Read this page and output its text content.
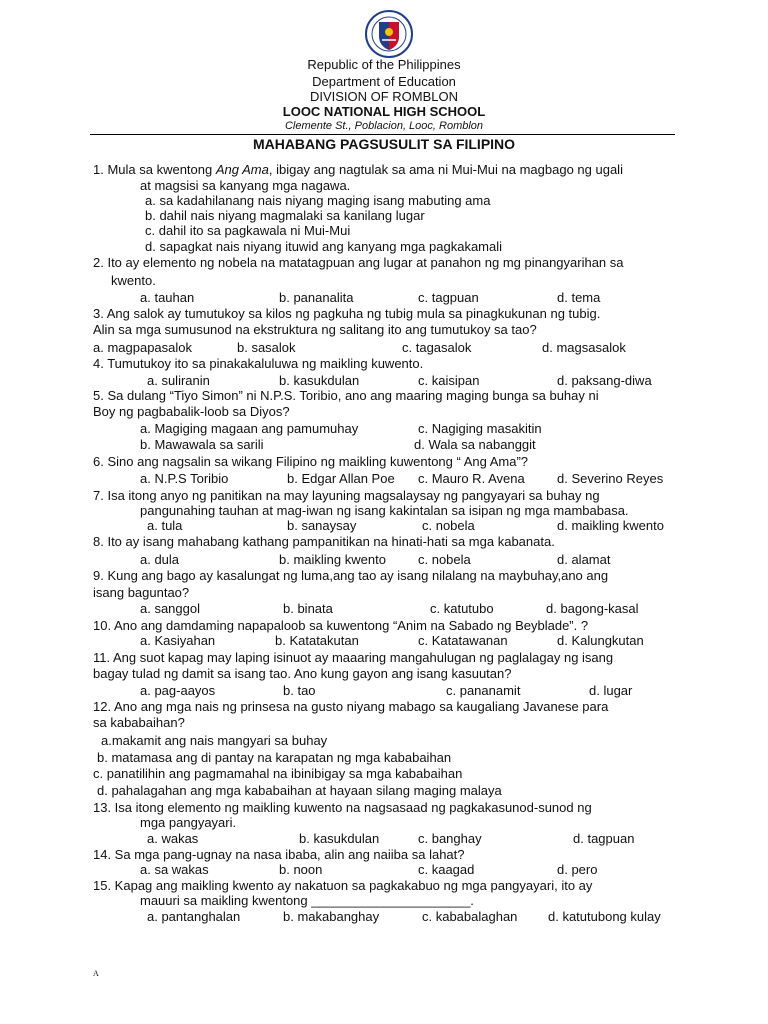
Republic of the Philippines
Department of Education
DIVISION OF ROMBLON
LOOC NATIONAL HIGH SCHOOL
Clemente St., Poblacion, Looc, Romblon
MAHABANG PAGSUSULIT SA FILIPINO
1. Mula sa kwentong Ang Ama, ibigay ang nagtulak sa ama ni Mui-Mui na magbago ng ugali
at magsisi sa kanyang mga nagawa.
a. sa kadahilanang nais niyang maging isang mabuting ama
b. dahil nais niyang magmalaki sa kanilang lugar
c. dahil ito sa pagkawala ni Mui-Mui
d. sapagkat nais niyang ituwid ang kanyang mga pagkakamali
2. Ito ay elemento ng nobela na matatagpuan ang lugar at panahon ng mg pinangyarihan sa
kwento.
a. tauhan	b. pananalita	c. tagpuan	d. tema
3. Ang salok ay tumutukoy sa kilos ng pagkuha ng tubig mula sa pinagkukunan ng tubig.
Alin sa mga sumusunod na ekstruktura ng salitang ito ang tumutukoy sa tao?
a. magpapasalok	b. sasalok	c. tagasalok	d. magsasalok
4. Tumutukoy ito sa pinakakaluluwa ng maikling kuwento.
a. suliranin	b. kasukdulan	c. kaisipan	d. paksang-diwa
5. Sa dulang “Tiyo Simon” ni N.P.S. Toribio, ano ang maaring maging bunga sa buhay ni
Boy ng pagbabalik-loob sa Diyos?
a. Magiging magaan ang pamumuhay	c. Nagiging masakitin
b. Mawawala sa sarili	d. Wala sa nabanggit
6. Sino ang nagsalin sa wikang Filipino ng maikling kuwentong “ Ang Ama”?
a. N.P.S Toribio	b. Edgar Allan Poe c. Mauro R. Avena d. Severino Reyes
7. Isa itong anyo ng panitikan na may layuning magsalaysay ng pangyayari sa buhay ng
pangunahing tauhan at mag-iwan ng isang kakintalan sa isipan ng mga mambabasa.
a. tula	b. sanaysay	c. nobela	d. maikling kwento
8. Ito ay isang mahabang kathang pampanitikan na hinati-hati sa mga kabanata.
a. dula	b. maikling kwento c. nobela	d. alamat
9. Kung ang bago ay kasalungat ng luma,ang tao ay isang nilalang na maybuhay,ano ang
isang baguntao?
a. sanggol	b. binata	c. katutubo	d. bagong-kasal
10. Ano ang damdaming napapaloob sa kuwentong “Anim na Sabado ng Beyblade”. ?
a. Kasiyahan	b. Katatakutan	c. Katatawanan	d. Kalungkutan
11. Ang suot kapag may laping isinuot ay maaaring mangahulugan ng paglalagay ng isang
bagay tulad ng damit sa isang tao. Ano kung gayon ang isang kasuutan?
a. pag-aayos	b. tao	c. pananamit	d. lugar
12. Ano ang mga nais ng prinsesa na gusto niyang mabago sa kaugaliang Javanese para
sa kababaihan?
a.makamit ang nais mangyari sa buhay
b. matamasa ang di pantay na karapatan ng mga kababaihan
c. panatilihin ang pagmamahal na ibinibigay sa mga kababaihan
d. pahalagahan ang mga kababaihan at hayaan silang maging malaya
13. Isa itong elemento ng maikling kuwento na nagsasaad ng pagkakasunod-sunod ng
mga pangyayari.
a. wakas	b. kasukdulan	c. banghay	d. tagpuan
14. Sa mga pang-ugnay na nasa ibaba, alin ang naiiba sa lahat?
a. sa wakas	b. noon	c. kaagad	d. pero
15. Kapag ang maikling kwento ay nakatuon sa pagkakabuo ng mga pangyayari, ito ay
mauuri sa maikling kwentong ______________________.
a. pantanghalan	b. makabanghay	c. kababalaghan d. katutubong kulay
A
